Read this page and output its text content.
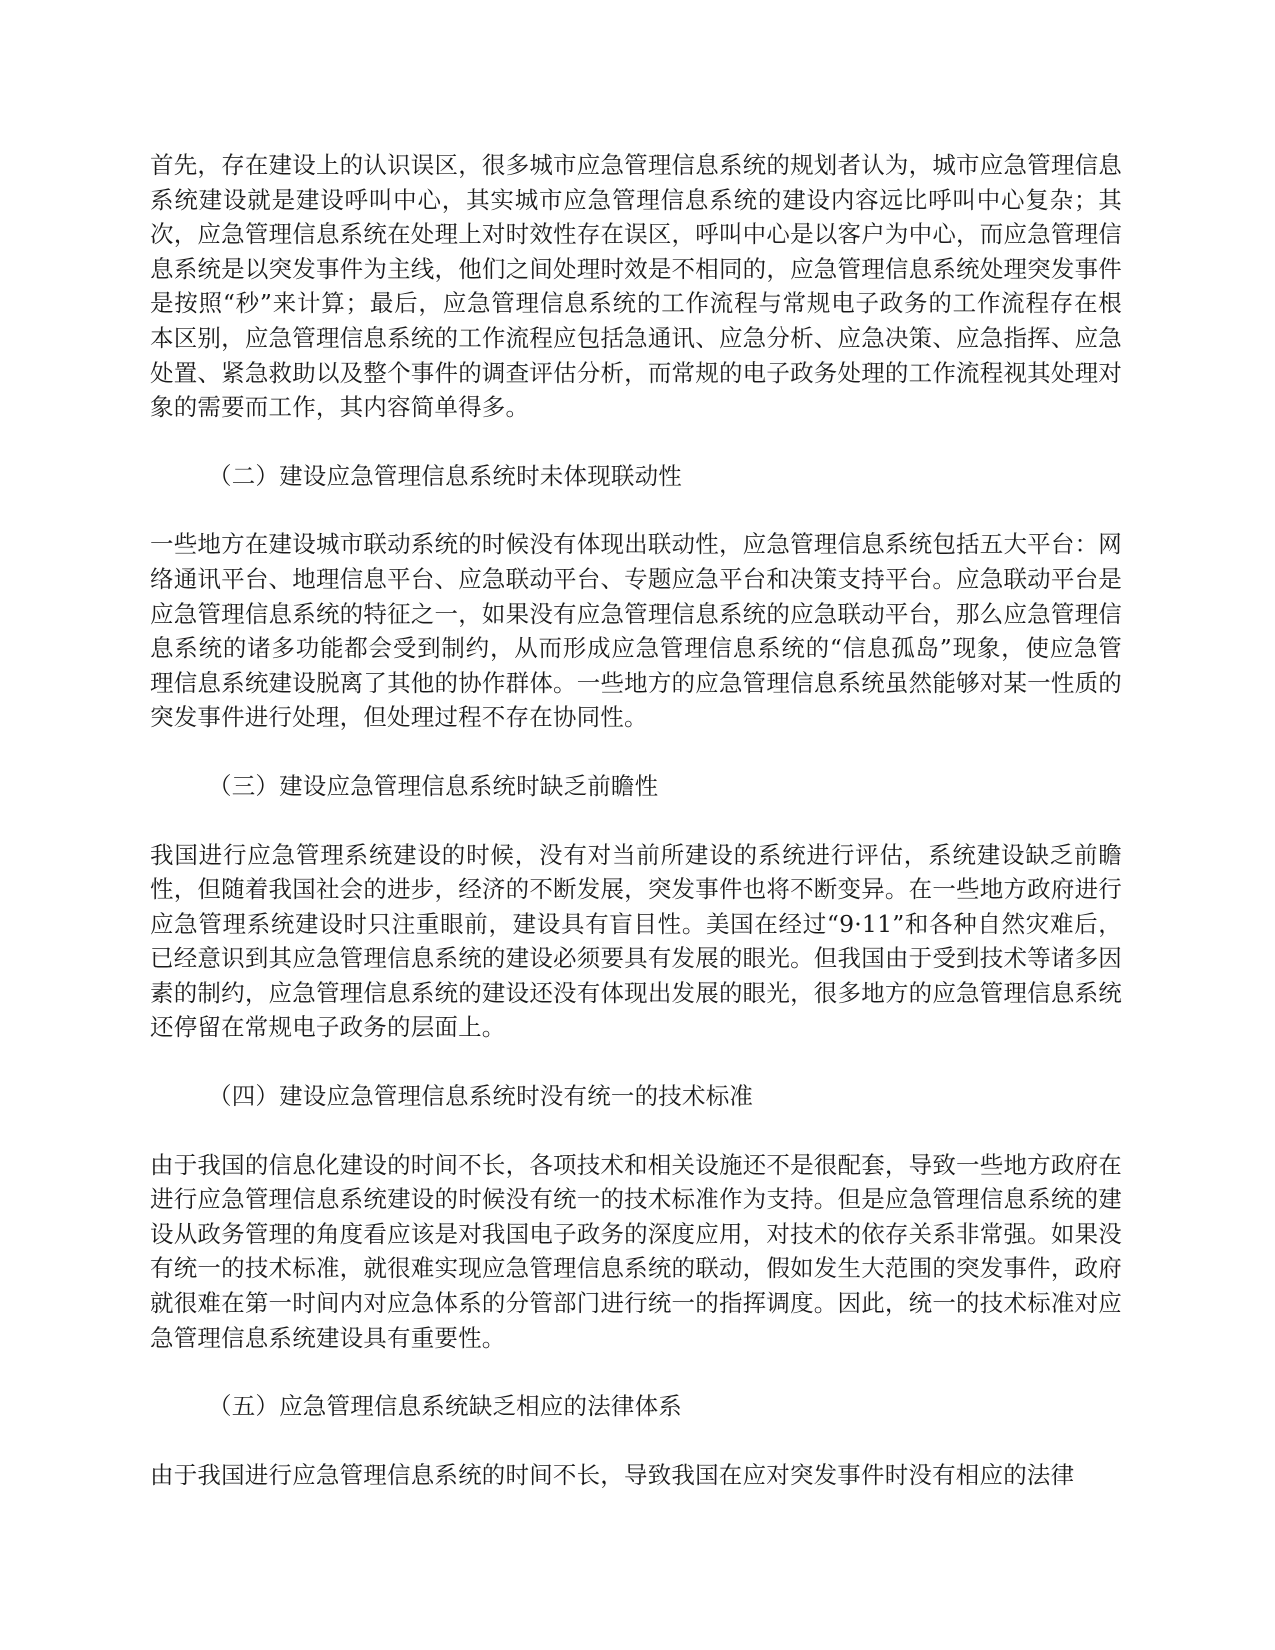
首先，存在建设上的认识误区，很多城市应急管理信息系统的规划者认为，城市应急管理信息系统建设就是建设呼叫中心，其实城市应急管理信息系统的建设内容远比呼叫中心复杂；其次，应急管理信息系统在处理上对时效性存在误区，呼叫中心是以客户为中心，而应急管理信息系统是以突发事件为主线，他们之间处理时效是不相同的，应急管理信息系统处理突发事件是按照“秒”来计算；最后，应急管理信息系统的工作流程与常规电子政务的工作流程存在根本区别，应急管理信息系统的工作流程应包括急通讯、应急分析、应急决策、应急指挥、应急处置、紧急救助以及整个事件的调查评估分析，而常规的电子政务处理的工作流程视其处理对象的需要而工作，其内容简单得多。

（二）建设应急管理信息系统时未体现联动性

一些地方在建设城市联动系统的时候没有体现出联动性，应急管理信息系统包括五大平台：网络通讯平台、地理信息平台、应急联动平台、专题应急平台和决策支持平台。应急联动平台是应急管理信息系统的特征之一，如果没有应急管理信息系统的应急联动平台，那么应急管理信息系统的诸多功能都会受到制约，从而形成应急管理信息系统的“信息孤岛”现象，使应急管理信息系统建设脱离了其他的协作群体。一些地方的应急管理信息系统虽然能够对某一性质的突发事件进行处理，但处理过程不存在协同性。

（三）建设应急管理信息系统时缺乏前瞻性

我国进行应急管理系统建设的时候，没有对当前所建设的系统进行评估，系统建设缺乏前瞻性，但随着我国社会的进步，经济的不断发展，突发事件也将不断变异。在一些地方政府进行应急管理系统建设时只注重眼前，建设具有盲目性。美国在经过“9·11”和各种自然灾难后，已经意识到其应急管理信息系统的建设必须要具有发展的眼光。但我国由于受到技术等诸多因素的制约，应急管理信息系统的建设还没有体现出发展的眼光，很多地方的应急管理信息系统还停留在常规电子政务的层面上。

（四）建设应急管理信息系统时没有统一的技术标准

由于我国的信息化建设的时间不长，各项技术和相关设施还不是很配套，导致一些地方政府在进行应急管理信息系统建设的时候没有统一的技术标准作为支持。但是应急管理信息系统的建设从政务管理的角度看应该是对我国电子政务的深度应用，对技术的依存关系非常强。如果没有统一的技术标准，就很难实现应急管理信息系统的联动，假如发生大范围的突发事件，政府就很难在第一时间内对应急体系的分管部门进行统一的指挥调度。因此，统一的技术标准对应急管理信息系统建设具有重要性。

（五）应急管理信息系统缺乏相应的法律体系

由于我国进行应急管理信息系统的时间不长，导致我国在应对突发事件时没有相应的法律
